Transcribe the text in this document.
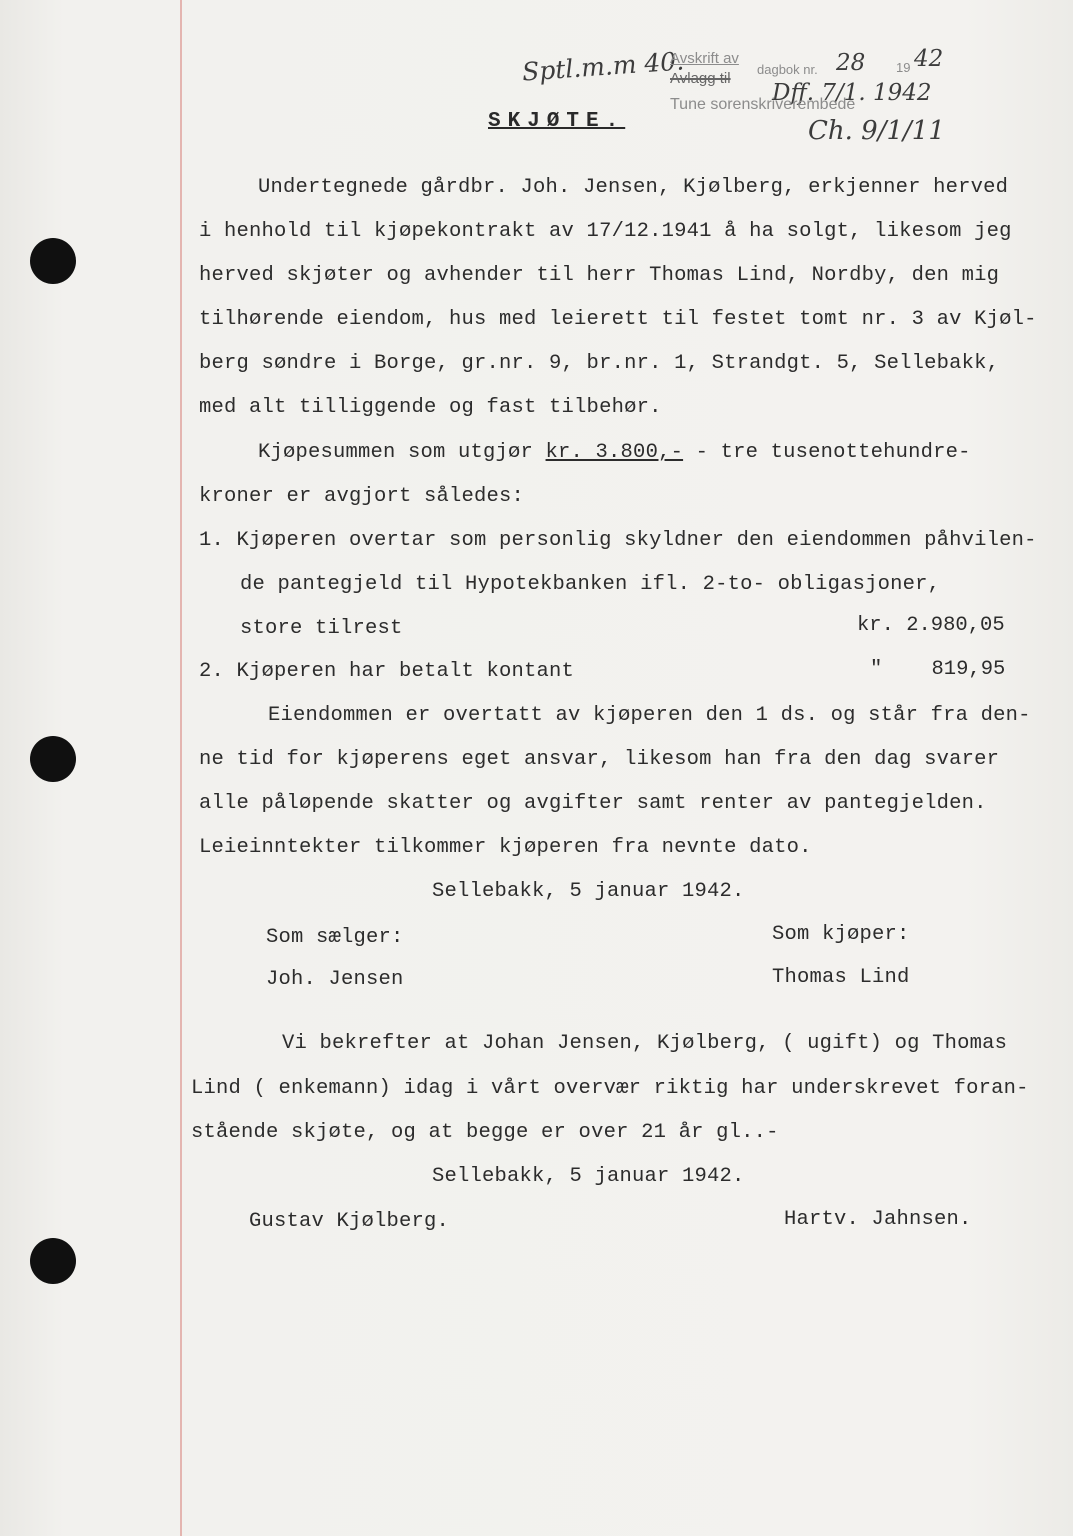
Sptl.m.m 40.
Avskrift av
Avlagg til
dagbok nr. 28 19 42
Dff. 7/1. 1942
Tune sorenskriverembede
Ch. 9/1/11
SKJØTE.
Undertegnede gårdbr. Joh. Jensen, Kjølberg, erkjenner herved
i henhold til kjøpekontrakt av 17/12.1941 å ha solgt, likesom jeg
herved skjøter og avhender til herr Thomas Lind, Nordby, den mig
tilhørende eiendom, hus med leierett til festet tomt nr. 3 av Kjøl-
berg søndre i Borge, gr.nr. 9, br.nr. 1, Strandgt. 5, Sellebakk,
med alt tilliggende og fast tilbehør.
Kjøpesummen som utgjør kr. 3.800,- - tre tusenottehundre-
kroner er avgjort således:
1. Kjøperen overtar som personlig skyldner den eiendommen påhvilen-
de pantegjeld til Hypotekbanken ifl. 2-to- obligasjoner,
store tilrest	kr. 2.980,05
2. Kjøperen har betalt kontant	"    819,95
Eiendommen er overtatt av kjøperen den 1 ds. og står fra den-
ne tid for kjøperens eget ansvar, likesom han fra den dag svarer
alle påløpende skatter og avgifter samt renter av pantegjelden.
Leieinntekter tilkommer kjøperen fra nevnte dato.
Sellebakk, 5 januar 1942.
Som sælger:	Som kjøper:
Joh. Jensen	Thomas Lind
Vi bekrefter at Johan Jensen, Kjølberg, ( ugift) og Thomas
Lind ( enkemann) idag i vårt overvær riktig har underskrevet foran-
stående skjøte, og at begge er over 21 år gl..-
Sellebakk, 5 januar 1942.
Gustav Kjølberg.	Hartv. Jahnsen.
